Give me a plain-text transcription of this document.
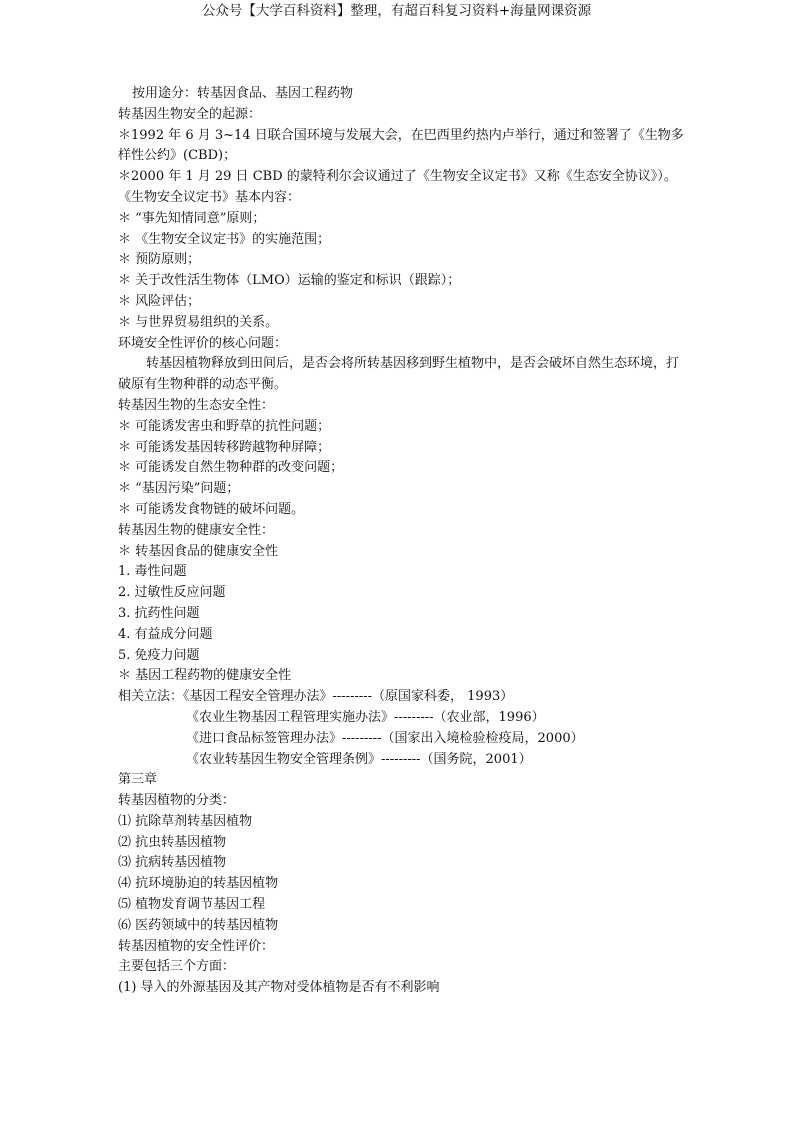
公众号【大学百科资料】整理，有超百科复习资料+海量网课资源
按用途分：转基因食品、基因工程药物
转基因生物安全的起源：
＊1992 年 6 月 3~14 日联合国环境与发展大会，在巴西里约热内卢举行，通过和签署了《生物多样性公约》(CBD)；
＊2000 年 1 月 29 日 CBD 的蒙特利尔会议通过了《生物安全议定书》又称《生态安全协议》）。
《生物安全议定书》基本内容：
＊ “事先知情同意”原则；
＊ 《生物安全议定书》的实施范围；
＊ 预防原则；
＊ 关于改性活生物体（LMO）运输的鉴定和标识（跟踪）；
＊ 风险评估；
＊ 与世界贸易组织的关系。
环境安全性评价的核心问题：
转基因植物释放到田间后，是否会将所转基因移到野生植物中，是否会破坏自然生态环境，打破原有生物种群的动态平衡。
转基因生物的生态安全性：
＊ 可能诱发害虫和野草的抗性问题；
＊ 可能诱发基因转移跨越物种屏障；
＊ 可能诱发自然生物种群的改变问题；
＊ “基因污染”问题；
＊ 可能诱发食物链的破坏问题。
转基因生物的健康安全性：
＊ 转基因食品的健康安全性
1. 毒性问题
2. 过敏性反应问题
3. 抗药性问题
4. 有益成分问题
5. 免疫力问题
＊ 基因工程药物的健康安全性
相关立法：《基因工程安全管理办法》---------（原国家科委， 1993）
《农业生物基因工程管理实施办法》---------（农业部，1996）
《进口食品标签管理办法》---------（国家出入境检验检疫局，2000）
《农业转基因生物安全管理条例》---------（国务院，2001）
第三章
转基因植物的分类：
⑴ 抗除草剂转基因植物
⑵ 抗虫转基因植物
⑶ 抗病转基因植物
⑷ 抗环境胁迫的转基因植物
⑸ 植物发育调节基因工程
⑹ 医药领域中的转基因植物
转基因植物的安全性评价：
主要包括三个方面：
(1) 导入的外源基因及其产物对受体植物是否有不利影响
